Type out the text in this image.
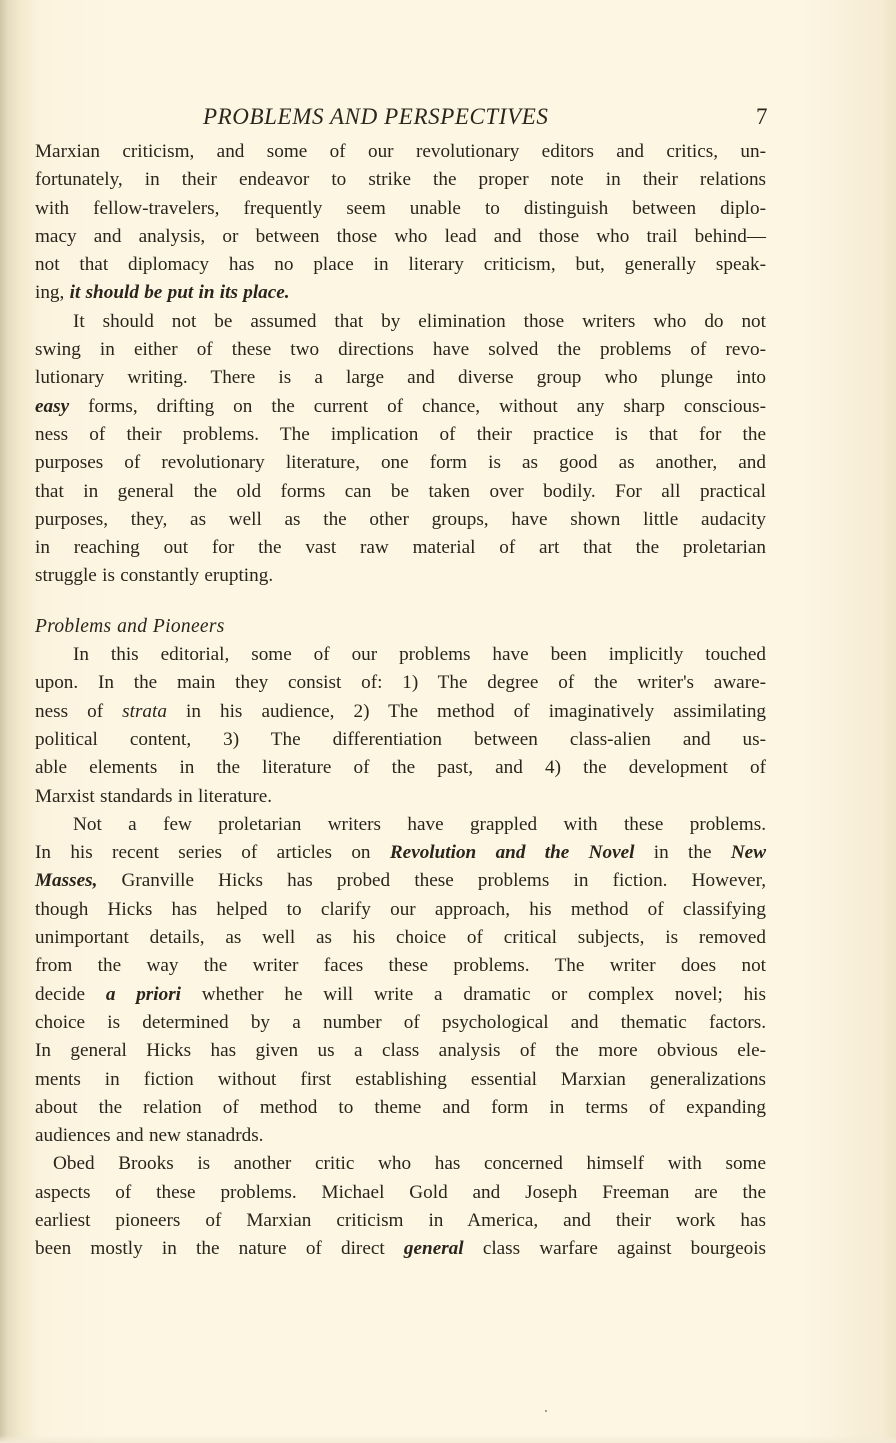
PROBLEMS AND PERSPECTIVES	7
Marxian criticism, and some of our revolutionary editors and critics, un-
fortunately, in their endeavor to strike the proper note in their relations
with fellow-travelers, frequently seem unable to distinguish between diplo-
macy and analysis, or between those who lead and those who trail behind—
not that diplomacy has no place in literary criticism, but, generally speak-
ing, it should be put in its place.
It should not be assumed that by elimination those writers who do not
swing in either of these two directions have solved the problems of revo-
lutionary writing. There is a large and diverse group who plunge into
easy forms, drifting on the current of chance, without any sharp conscious-
ness of their problems. The implication of their practice is that for the
purposes of revolutionary literature, one form is as good as another, and
that in general the old forms can be taken over bodily. For all practical
purposes, they, as well as the other groups, have shown little audacity
in reaching out for the vast raw material of art that the proletarian
struggle is constantly erupting.
Problems and Pioneers
In this editorial, some of our problems have been implicitly touched
upon. In the main they consist of: 1) The degree of the writer's aware-
ness of strata in his audience, 2) The method of imaginatively assimilating
political content, 3) The differentiation between class-alien and us-
able elements in the literature of the past, and 4) the development of
Marxist standards in literature.
Not a few proletarian writers have grappled with these problems.
In his recent series of articles on Revolution and the Novel in the New
Masses, Granville Hicks has probed these problems in fiction. However,
though Hicks has helped to clarify our approach, his method of classifying
unimportant details, as well as his choice of critical subjects, is removed
from the way the writer faces these problems. The writer does not
decide a priori whether he will write a dramatic or complex novel; his
choice is determined by a number of psychological and thematic factors.
In general Hicks has given us a class analysis of the more obvious ele-
ments in fiction without first establishing essential Marxian generalizations
about the relation of method to theme and form in terms of expanding
audiences and new stanadrds.
Obed Brooks is another critic who has concerned himself with some
aspects of these problems. Michael Gold and Joseph Freeman are the
earliest pioneers of Marxian criticism in America, and their work has
been mostly in the nature of direct general class warfare against bourgeois
